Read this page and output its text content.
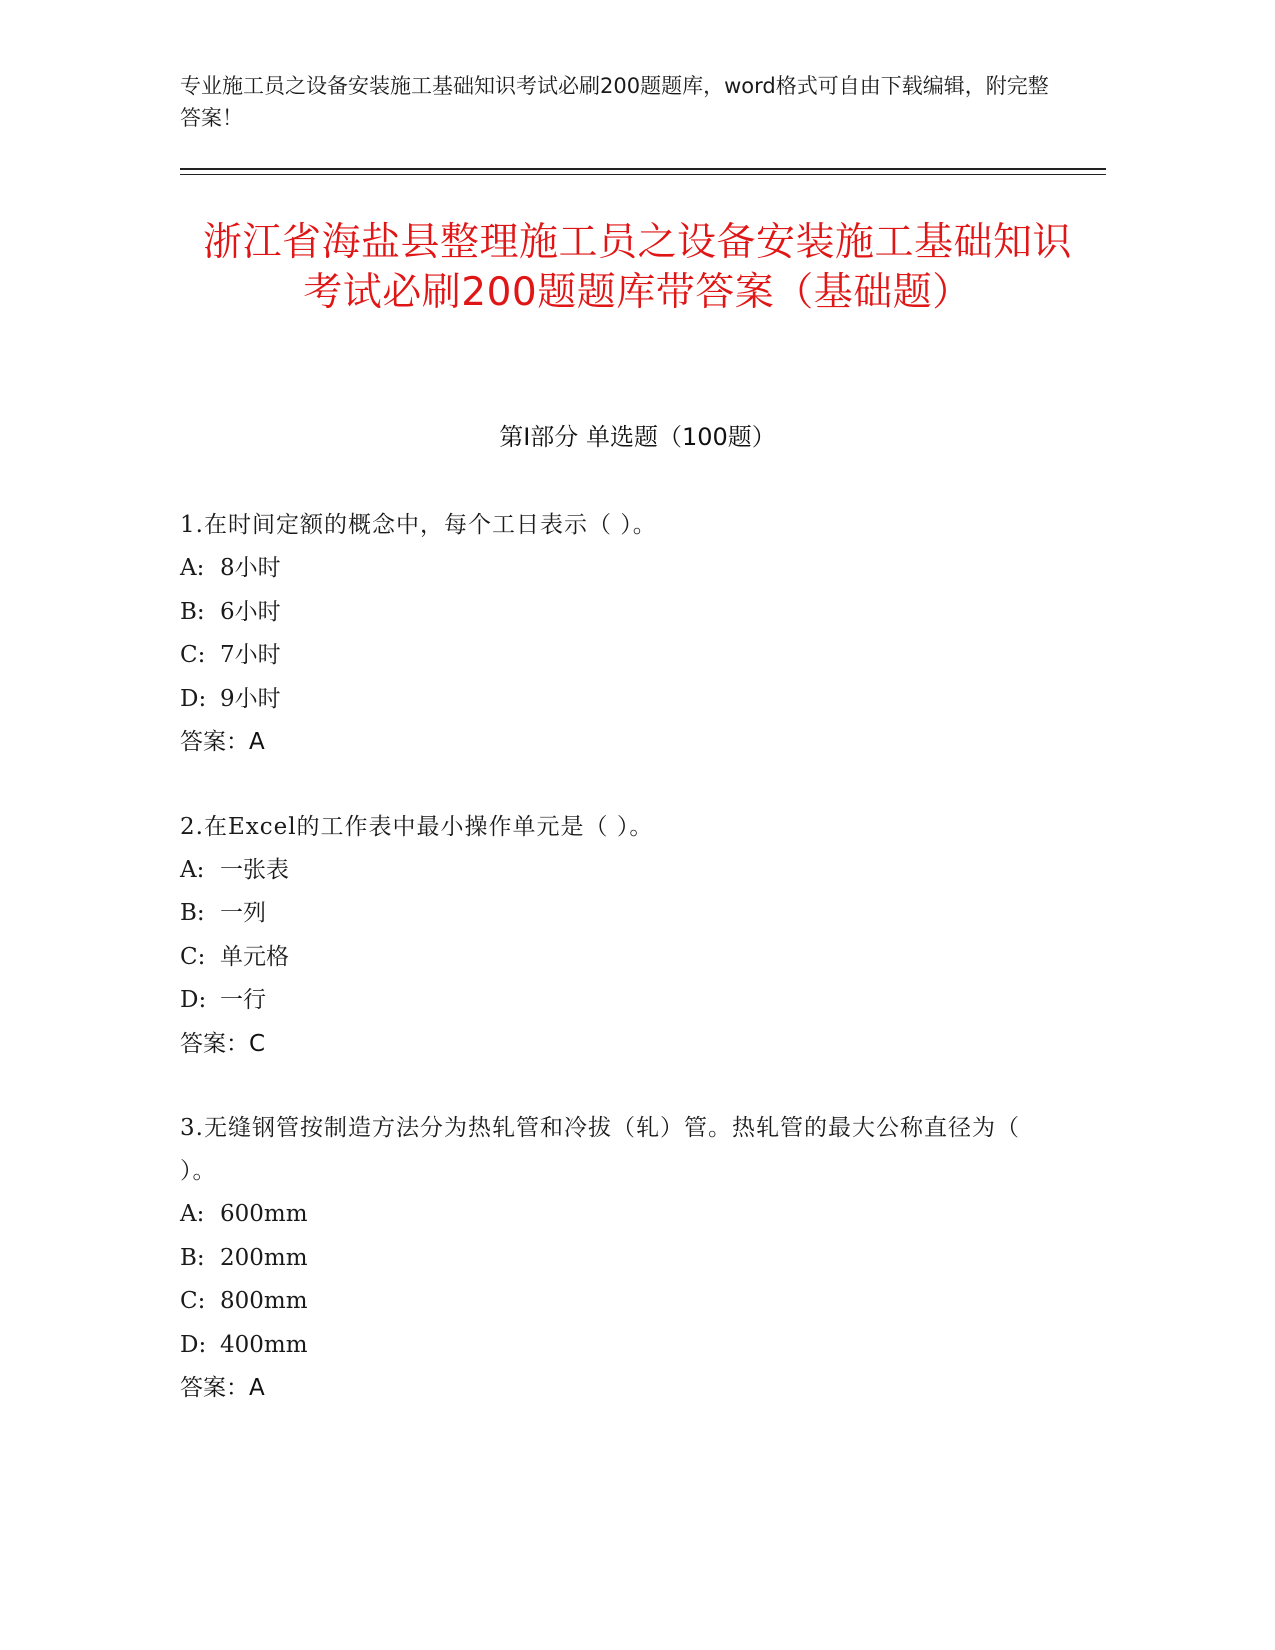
专业施工员之设备安装施工基础知识考试必刷200题题库，word格式可自由下载编辑，附完整答案！
浙江省海盐县整理施工员之设备安装施工基础知识考试必刷200题题库带答案（基础题）
第I部分 单选题（100题）
1.在时间定额的概念中，每个工日表示（ ）。
A: 8小时
B: 6小时
C: 7小时
D: 9小时
答案：A
2.在Excel的工作表中最小操作单元是（ ）。
A: 一张表
B: 一列
C: 单元格
D: 一行
答案：C
3.无缝钢管按制造方法分为热轧管和冷拔（轧）管。热轧管的最大公称直径为（ ）。
A: 600mm
B: 200mm
C: 800mm
D: 400mm
答案：A
